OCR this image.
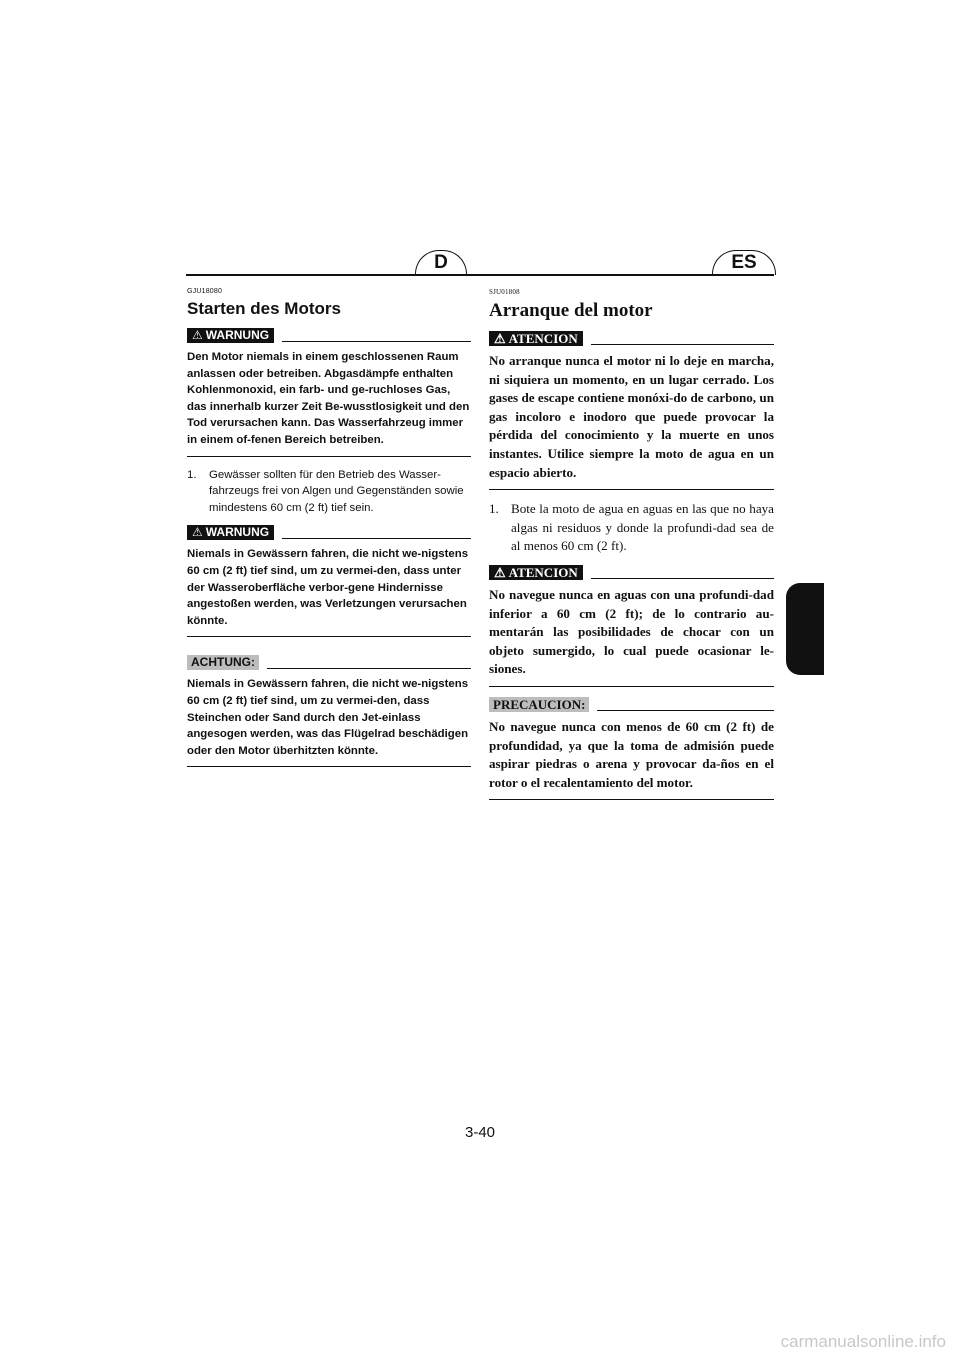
D	ES
GJU18080
Starten des Motors
⚠ WARNUNG

Den Motor niemals in einem geschlossenen Raum anlassen oder betreiben. Abgasdämpfe enthalten Kohlenmonoxid, ein farb- und ge-ruchloses Gas, das innerhalb kurzer Zeit Be-wusstlosigkeit und den Tod verursachen kann. Das Wasserfahrzeug immer in einem of-fenen Bereich betreiben.

1.	Gewässer sollten für den Betrieb des Wasser-fahrzeugs frei von Algen und Gegenständen sowie mindestens 60 cm (2 ft) tief sein.
⚠ WARNUNG

Niemals in Gewässern fahren, die nicht we-nigstens 60 cm (2 ft) tief sind, um zu vermei-den, dass unter der Wasseroberfläche verbor-gene Hindernisse angestoßen werden, was Verletzungen verursachen könnte.

ACHTUNG:

Niemals in Gewässern fahren, die nicht we-nigstens 60 cm (2 ft) tief sind, um zu vermei-den, dass Steinchen oder Sand durch den Jet-einlass angesogen werden, was das Flügelrad beschädigen oder den Motor überhitzten könnte.

SJU01808
Arranque del motor
⚠ ATENCION

No arranque nunca el motor ni lo deje en marcha, ni siquiera un momento, en un lugar cerrado. Los gases de escape contiene monóxi-do de carbono, un gas incoloro e inodoro que puede provocar la pérdida del conocimiento y la muerte en unos instantes. Utilice siempre la moto de agua en un espacio abierto.

1. Bote la moto de agua en aguas en las que no haya algas ni residuos y donde la profundi-dad sea de al menos 60 cm (2 ft).
⚠ ATENCION

No navegue nunca en aguas con una profundi-dad inferior a 60 cm (2 ft); de lo contrario au-mentarán las posibilidades de chocar con un objeto sumergido, lo cual puede ocasionar le-siones.

PRECAUCION:

No navegue nunca con menos de 60 cm (2 ft) de profundidad, ya que la toma de admisión puede aspirar piedras o arena y provocar da-ños en el rotor o el recalentamiento del motor.

3-40
carmanualsonline.info
